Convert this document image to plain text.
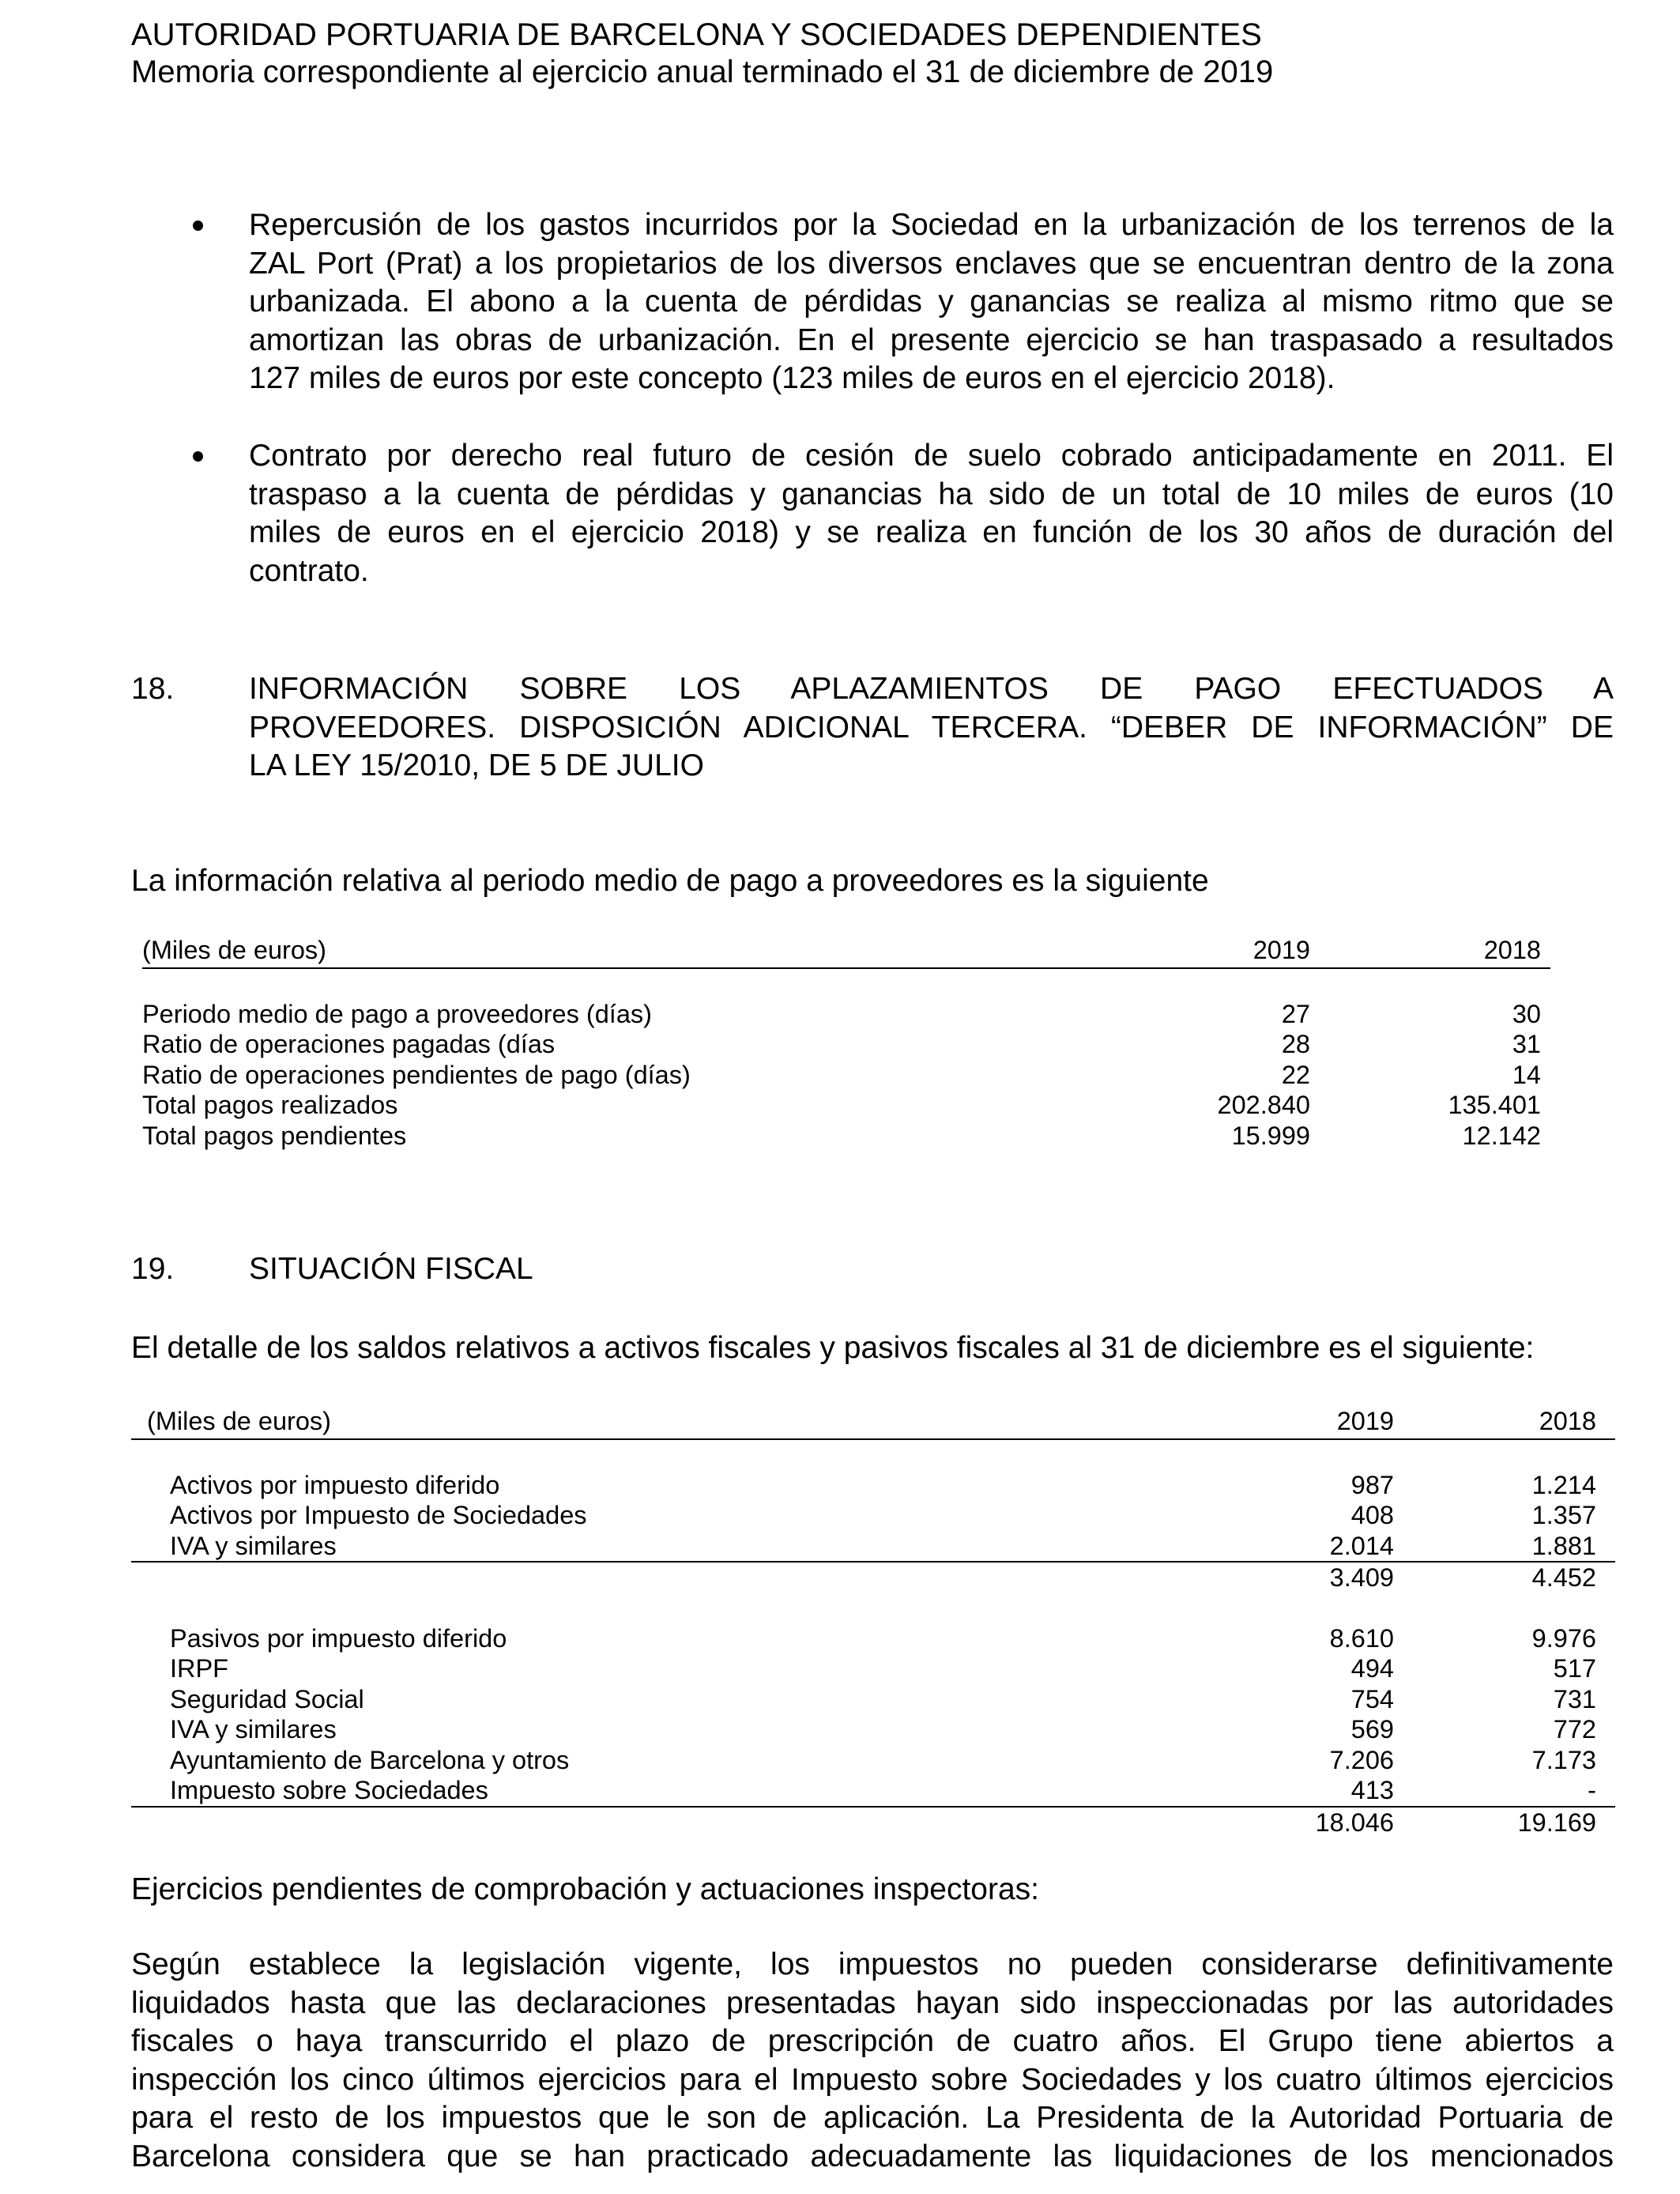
AUTORIDAD PORTUARIA DE BARCELONA Y SOCIEDADES DEPENDIENTES
Memoria correspondiente al ejercicio anual terminado el 31 de diciembre de 2019
Repercusión de los gastos incurridos por la Sociedad en la urbanización de los terrenos de la
ZAL Port (Prat) a los propietarios de los diversos enclaves que se encuentran dentro de la zona
urbanizada. El abono a la cuenta de pérdidas y ganancias se realiza al mismo ritmo que se
amortizan las obras de urbanización. En el presente ejercicio se han traspasado a resultados
127 miles de euros por este concepto (123 miles de euros en el ejercicio 2018).
Contrato por derecho real futuro de cesión de suelo cobrado anticipadamente en 2011. El
traspaso a la cuenta de pérdidas y ganancias ha sido de un total de 10 miles de euros (10
miles de euros en el ejercicio 2018) y se realiza en función de los 30 años de duración del
contrato.
18. INFORMACIÓN SOBRE LOS APLAZAMIENTOS DE PAGO EFECTUADOS A
PROVEEDORES. DISPOSICIÓN ADICIONAL TERCERA. “DEBER DE INFORMACIÓN” DE
LA LEY 15/2010, DE 5 DE JULIO
La información relativa al periodo medio de pago a proveedores es la siguiente
(Miles de euros)	2019	2018

Periodo medio de pago a proveedores (días)	27	30
Ratio de operaciones pagadas (días	28	31
Ratio de operaciones pendientes de pago (días)	22	14
Total pagos realizados	202.840	135.401
Total pagos pendientes	15.999	12.142
19. SITUACIÓN FISCAL
El detalle de los saldos relativos a activos fiscales y pasivos fiscales al 31 de diciembre es el siguiente:
(Miles de euros)	2019	2018

Activos por impuesto diferido	987	1.214
Activos por Impuesto de Sociedades	408	1.357
IVA y similares	2.014	1.881
	3.409	4.452

Pasivos por impuesto diferido	8.610	9.976
IRPF	494	517
Seguridad Social	754	731
IVA y similares	569	772
Ayuntamiento de Barcelona y otros	7.206	7.173
Impuesto sobre Sociedades	413	-
	18.046	19.169
Ejercicios pendientes de comprobación y actuaciones inspectoras:
Según establece la legislación vigente, los impuestos no pueden considerarse definitivamente
liquidados hasta que las declaraciones presentadas hayan sido inspeccionadas por las autoridades
fiscales o haya transcurrido el plazo de prescripción de cuatro años. El Grupo tiene abiertos a
inspección los cinco últimos ejercicios para el Impuesto sobre Sociedades y los cuatro últimos ejercicios
para el resto de los impuestos que le son de aplicación. La Presidenta de la Autoridad Portuaria de
Barcelona considera que se han practicado adecuadamente las liquidaciones de los mencionados
